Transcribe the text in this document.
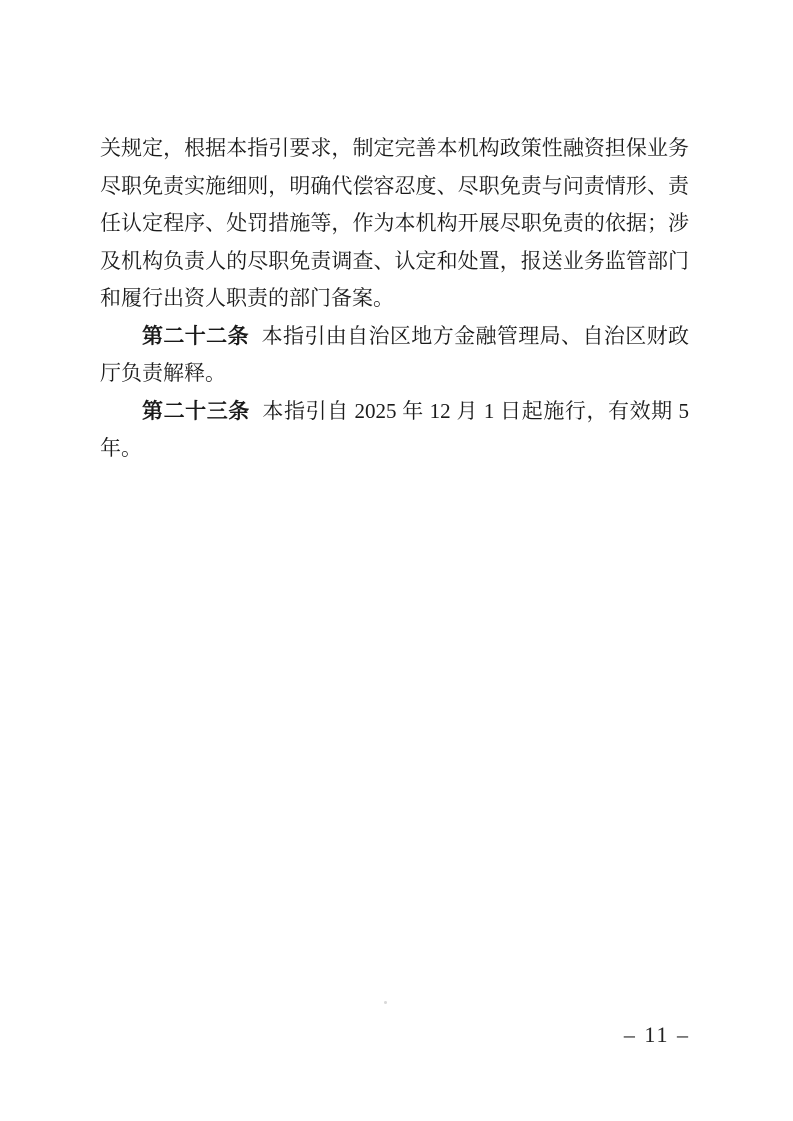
关规定，根据本指引要求，制定完善本机构政策性融资担保业务
尽职免责实施细则，明确代偿容忍度、尽职免责与问责情形、责
任认定程序、处罚措施等，作为本机构开展尽职免责的依据；涉
及机构负责人的尽职免责调查、认定和处置，报送业务监管部门
和履行出资人职责的部门备案。
第二十二条 本指引由自治区地方金融管理局、自治区财政
厅负责解释。
第二十三条 本指引自 2025 年 12 月 1 日起施行，有效期 5
年。
– 11 –
